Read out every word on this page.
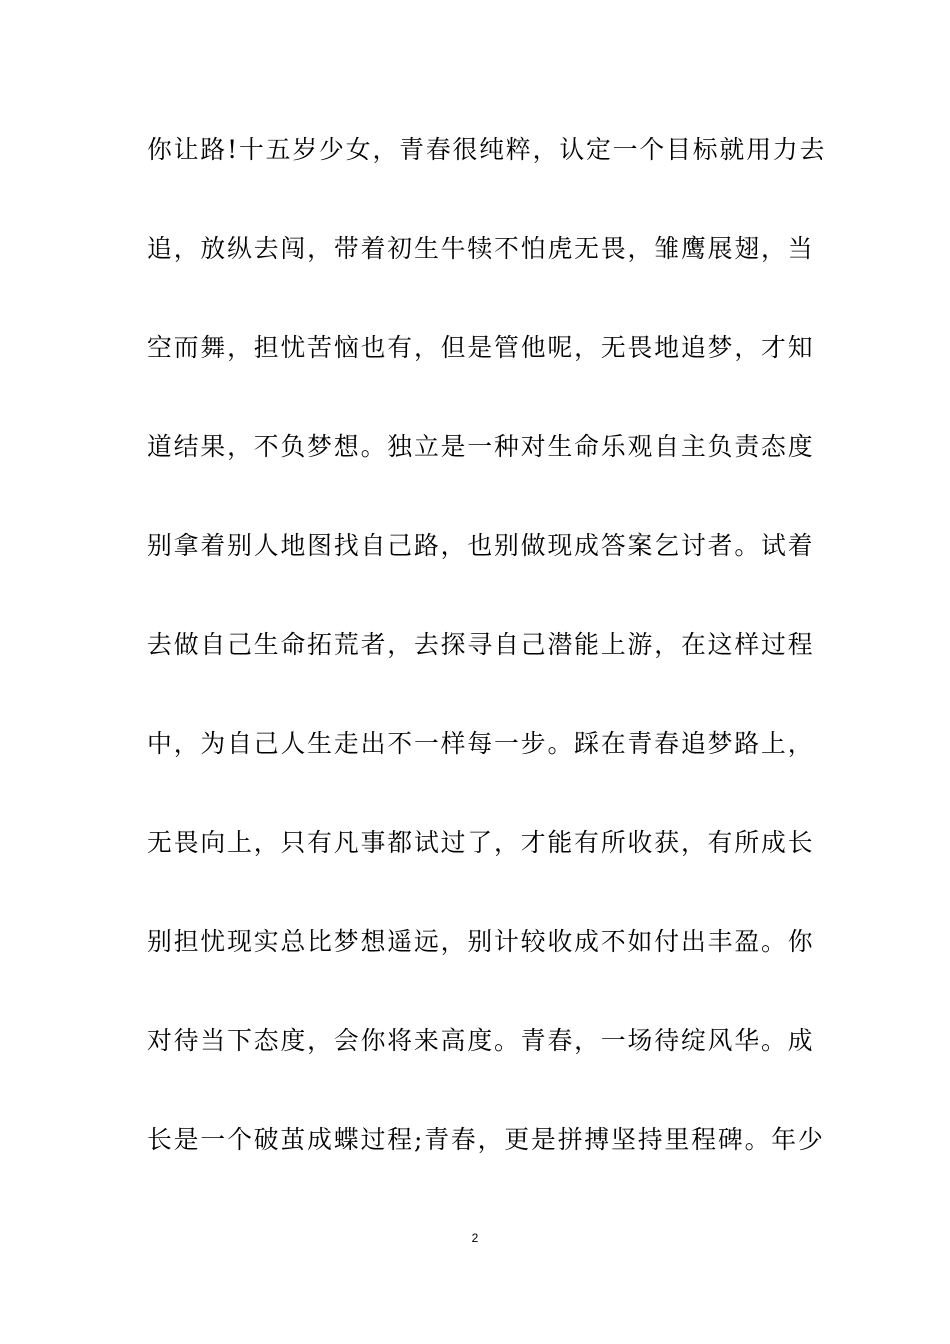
你让路!十五岁少女，青春很纯粹，认定一个目标就用力去
追，放纵去闯，带着初生牛犊不怕虎无畏，雏鹰展翅，当
空而舞，担忧苦恼也有，但是管他呢，无畏地追梦，才知
道结果，不负梦想。独立是一种对生命乐观自主负责态度
别拿着别人地图找自己路，也别做现成答案乞讨者。试着
去做自己生命拓荒者，去探寻自己潜能上游，在这样过程
中，为自己人生走出不一样每一步。踩在青春追梦路上，
无畏向上，只有凡事都试过了，才能有所收获，有所成长
别担忧现实总比梦想遥远，别计较收成不如付出丰盈。你
对待当下态度，会你将来高度。青春，一场待绽风华。成
长是一个破茧成蝶过程;青春，更是拼搏坚持里程碑。年少
2
